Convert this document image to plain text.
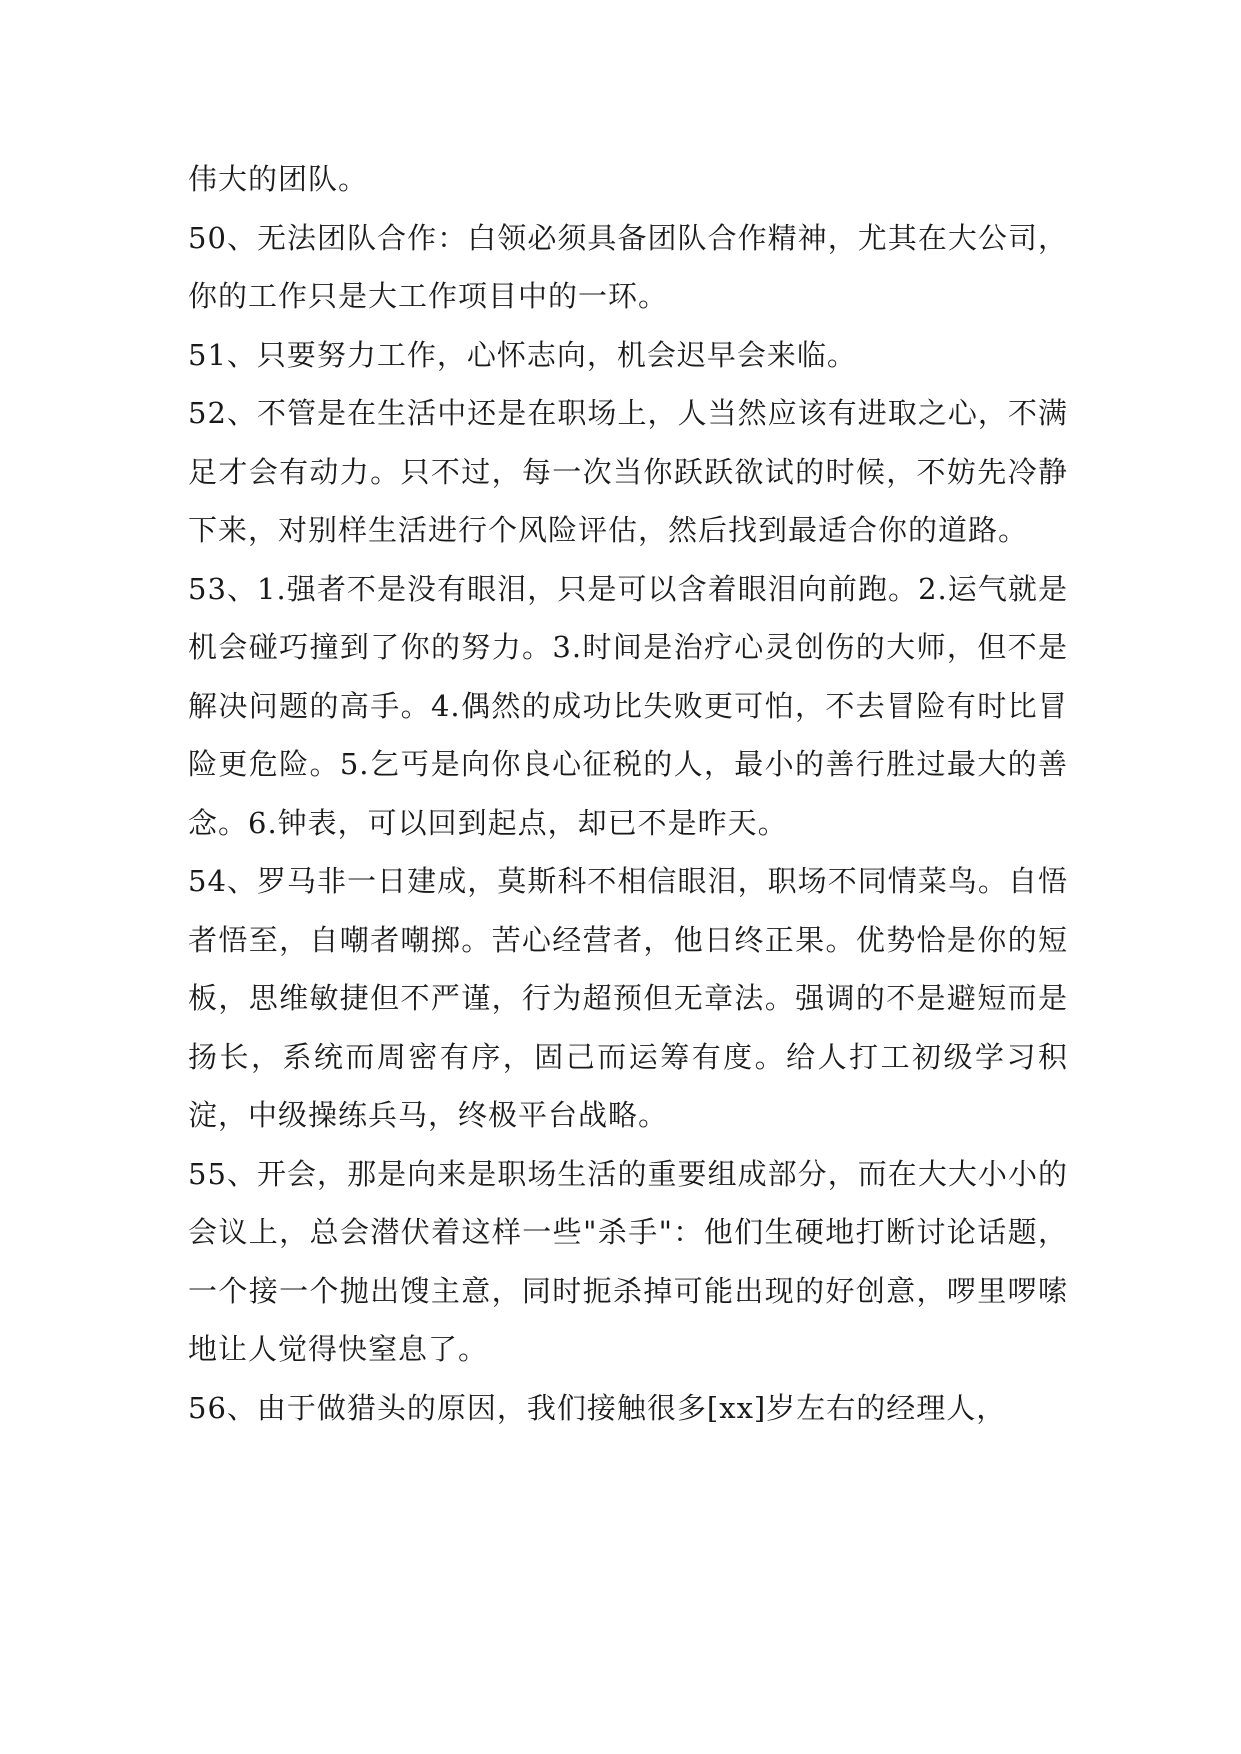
伟大的团队。

50、无法团队合作：白领必须具备团队合作精神，尤其在大公司，你的工作只是大工作项目中的一环。

51、只要努力工作，心怀志向，机会迟早会来临。

52、不管是在生活中还是在职场上，人当然应该有进取之心，不满足才会有动力。只不过，每一次当你跃跃欲试的时候，不妨先冷静下来，对别样生活进行个风险评估，然后找到最适合你的道路。

53、1.强者不是没有眼泪，只是可以含着眼泪向前跑。2.运气就是机会碰巧撞到了你的努力。3.时间是治疗心灵创伤的大师，但不是解决问题的高手。4.偶然的成功比失败更可怕，不去冒险有时比冒险更危险。5.乞丐是向你良心征税的人，最小的善行胜过最大的善念。6.钟表，可以回到起点，却已不是昨天。

54、罗马非一日建成，莫斯科不相信眼泪，职场不同情菜鸟。自悟者悟至，自嘲者嘲掷。苦心经营者，他日终正果。优势恰是你的短板，思维敏捷但不严谨，行为超预但无章法。强调的不是避短而是扬长，系统而周密有序，固己而运筹有度。给人打工初级学习积淀，中级操练兵马，终极平台战略。

55、开会，那是向来是职场生活的重要组成部分，而在大大小小的会议上，总会潜伏着这样一些"杀手"：他们生硬地打断讨论话题，一个接一个抛出馊主意，同时扼杀掉可能出现的好创意，啰里啰嗦地让人觉得快窒息了。

56、由于做猎头的原因，我们接触很多[xx]岁左右的经理人，
